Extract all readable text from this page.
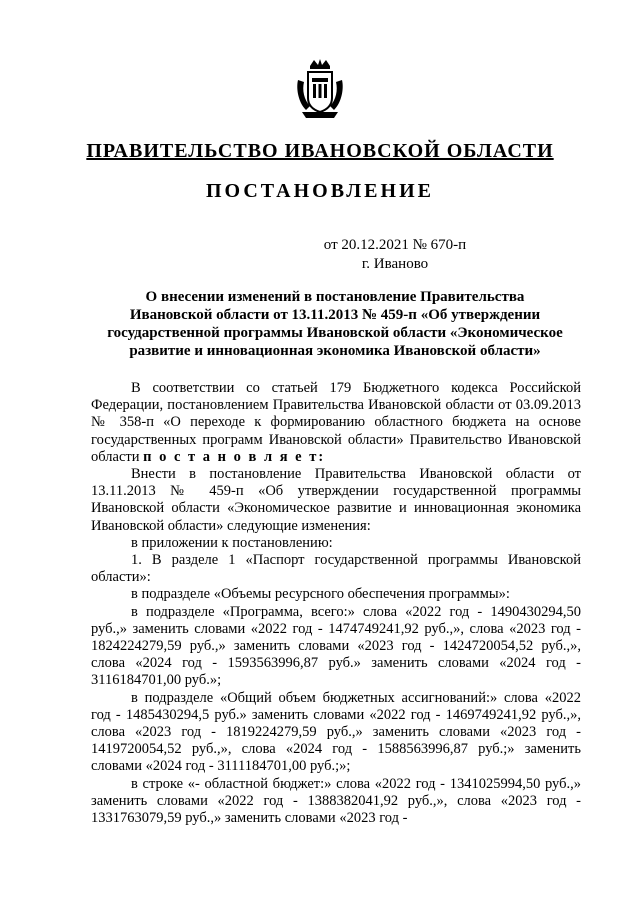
ПРАВИТЕЛЬСТВО ИВАНОВСКОЙ ОБЛАСТИ
ПОСТАНОВЛЕНИЕ
от 20.12.2021 № 670-п
г. Иваново
О внесении изменений в постановление Правительства Ивановской области от 13.11.2013 № 459-п «Об утверждении государственной программы Ивановской области «Экономическое развитие и инновационная экономика Ивановской области»

В соответствии со статьей 179 Бюджетного кодекса Российской Федерации, постановлением Правительства Ивановской области от 03.09.2013 № 358-п «О переходе к формированию областного бюджета на основе государственных программ Ивановской области» Правительство Ивановской области п о с т а н о в л я е т:

Внести в постановление Правительства Ивановской области от 13.11.2013 № 459-п «Об утверждении государственной программы Ивановской области «Экономическое развитие и инновационная экономика Ивановской области» следующие изменения:

в приложении к постановлению:

1. В разделе 1 «Паспорт государственной программы Ивановской области»:

в подразделе «Объемы ресурсного обеспечения программы»:

в подразделе «Программа, всего:» слова «2022 год - 1490430294,50 руб.,» заменить словами «2022 год - 1474749241,92 руб.,», слова «2023 год - 1824224279,59 руб.,» заменить словами «2023 год - 1424720054,52 руб.,», слова «2024 год - 1593563996,87 руб.» заменить словами «2024 год - 3116184701,00 руб.»;

в подразделе «Общий объем бюджетных ассигнований:» слова «2022 год - 1485430294,5 руб.» заменить словами «2022 год - 1469749241,92 руб.,», слова «2023 год - 1819224279,59 руб.,» заменить словами «2023 год - 1419720054,52 руб.,», слова «2024 год - 1588563996,87 руб.;» заменить словами «2024 год - 3111184701,00 руб.;»;

в строке «- областной бюджет:» слова «2022 год - 1341025994,50 руб.,» заменить словами «2022 год - 1388382041,92 руб.,», слова «2023 год - 1331763079,59 руб.,» заменить словами «2023 год -
